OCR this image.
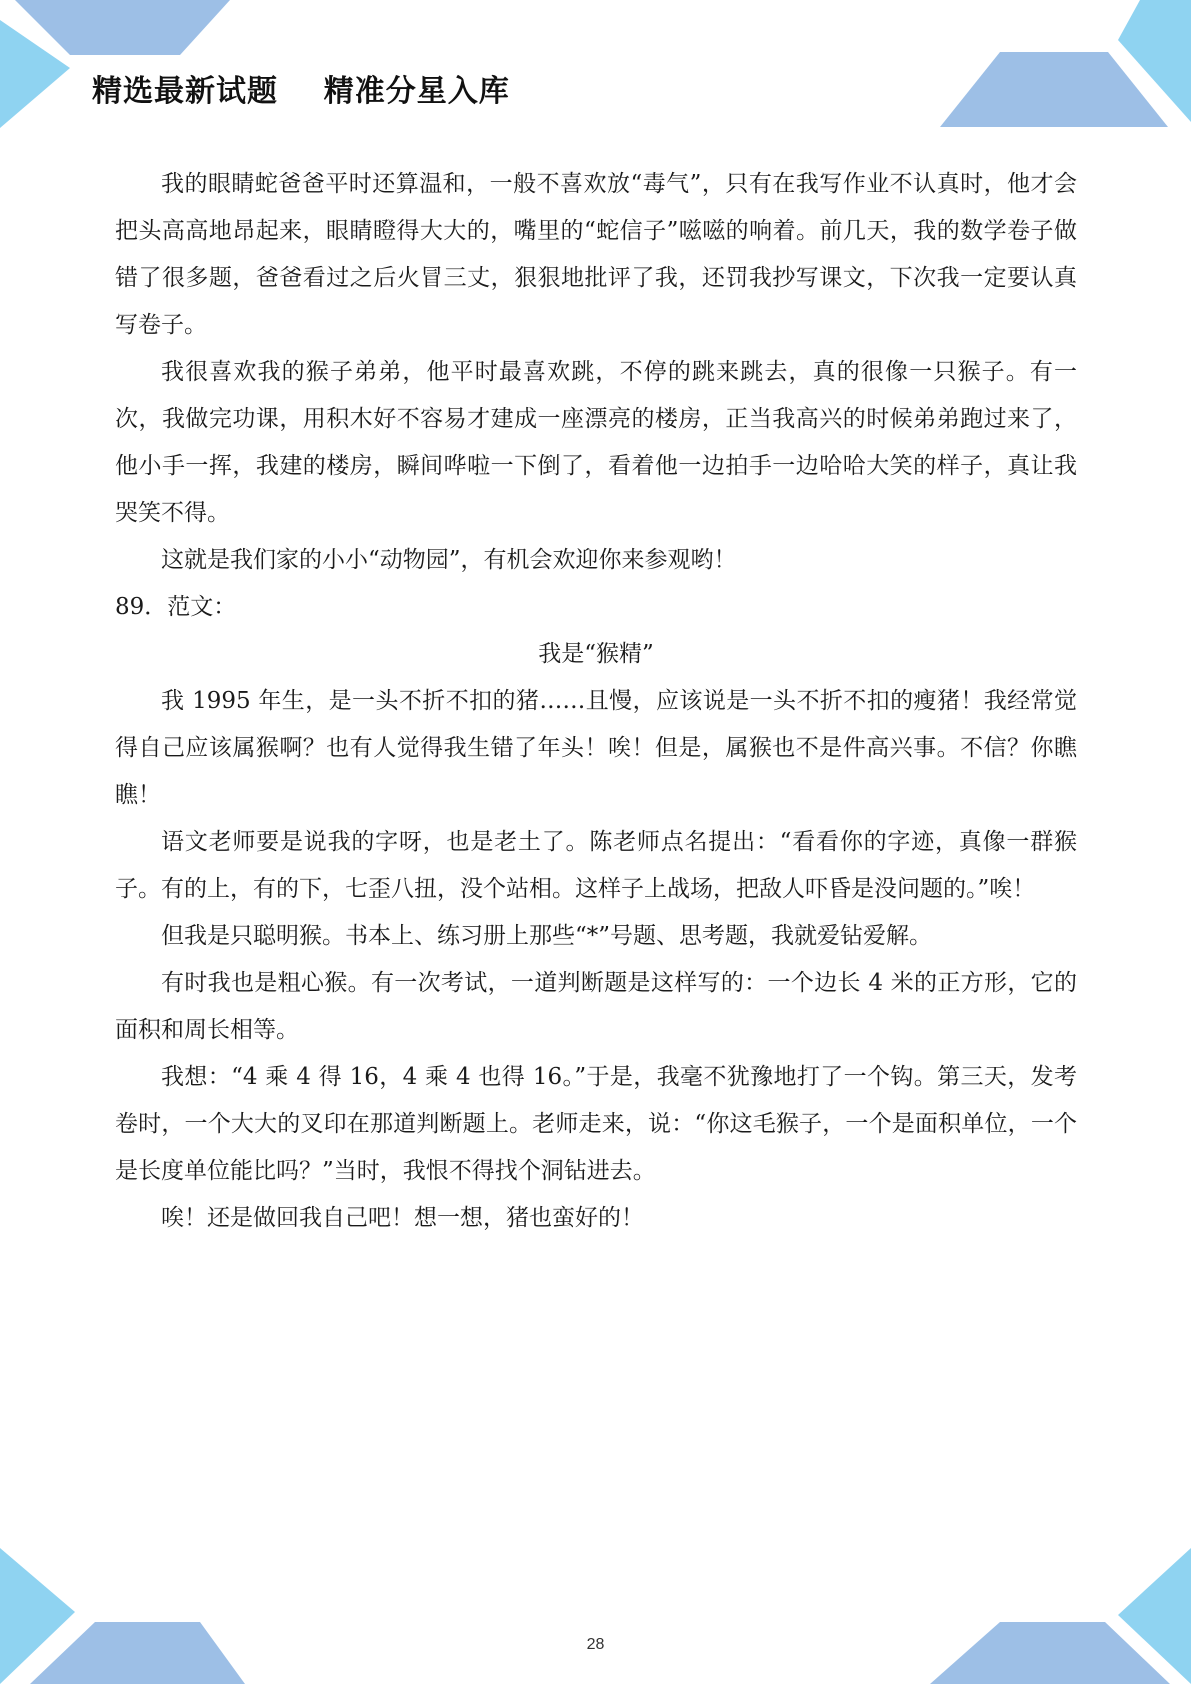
精选最新试题    精准分星入库

我的眼睛蛇爸爸平时还算温和，一般不喜欢放“毒气”，只有在我写作业不认真时，他才会把头高高地昂起来，眼睛瞪得大大的，嘴里的“蛇信子”嗞嗞的响着。前几天，我的数学卷子做错了很多题，爸爸看过之后火冒三丈，狠狠地批评了我，还罚我抄写课文，下次我一定要认真写卷子。

我很喜欢我的猴子弟弟，他平时最喜欢跳，不停的跳来跳去，真的很像一只猴子。有一次，我做完功课，用积木好不容易才建成一座漂亮的楼房，正当我高兴的时候弟弟跑过来了，他小手一挥，我建的楼房，瞬间哗啦一下倒了，看着他一边拍手一边哈哈大笑的样子，真让我哭笑不得。

这就是我们家的小小“动物园”，有机会欢迎你来参观哟！

89．范文：

我是“猴精”

我 1995 年生，是一头不折不扣的猪……且慢，应该说是一头不折不扣的瘦猪！我经常觉得自己应该属猴啊？也有人觉得我生错了年头！唉！但是，属猴也不是件高兴事。不信？你瞧瞧！

语文老师要是说我的字呀，也是老土了。陈老师点名提出：“看看你的字迹，真像一群猴子。有的上，有的下，七歪八扭，没个站相。这样子上战场，把敌人吓昏是没问题的。”唉！

但我是只聪明猴。书本上、练习册上那些“*”号题、思考题，我就爱钻爱解。

有时我也是粗心猴。有一次考试，一道判断题是这样写的：一个边长 4 米的正方形，它的面积和周长相等。

我想：“4 乘 4 得 16，4 乘 4 也得 16。”于是，我毫不犹豫地打了一个钩。第三天，发考卷时，一个大大的叉印在那道判断题上。老师走来，说：“你这毛猴子，一个是面积单位，一个是长度单位能比吗？”当时，我恨不得找个洞钻进去。

唉！还是做回我自己吧！想一想，猪也蛮好的！

28
